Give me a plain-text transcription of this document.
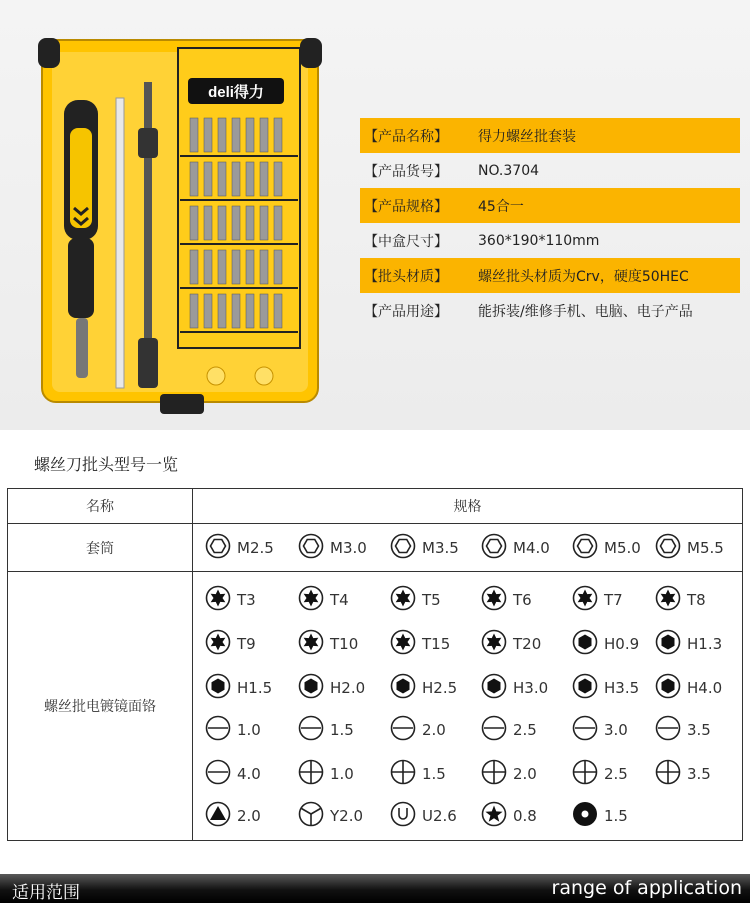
deli得力
【产品名称】	得力螺丝批套装
【产品货号】	NO.3704
【产品规格】	45合一
【中盒尺寸】	360*190*110mm
【批头材质】	螺丝批头材质为Crv，硬度50HEC
【产品用途】	能拆装/维修手机、电脑、电子产品
螺丝刀批头型号一览
名称	规格
套筒	M2.5	M3.0	M3.5	M4.0	M5.0	M5.5
螺丝批电镀镜面铬
T3	T4	T5	T6	T7	T8
T9	T10	T15	T20	H0.9	H1.3
H1.5	H2.0	H2.5	H3.0	H3.5	H4.0
1.0	1.5	2.0	2.5	3.0	3.5
4.0	1.0	1.5	2.0	2.5	3.5
2.0	Y2.0	U2.6	0.8	1.5
适用范围	range of application
